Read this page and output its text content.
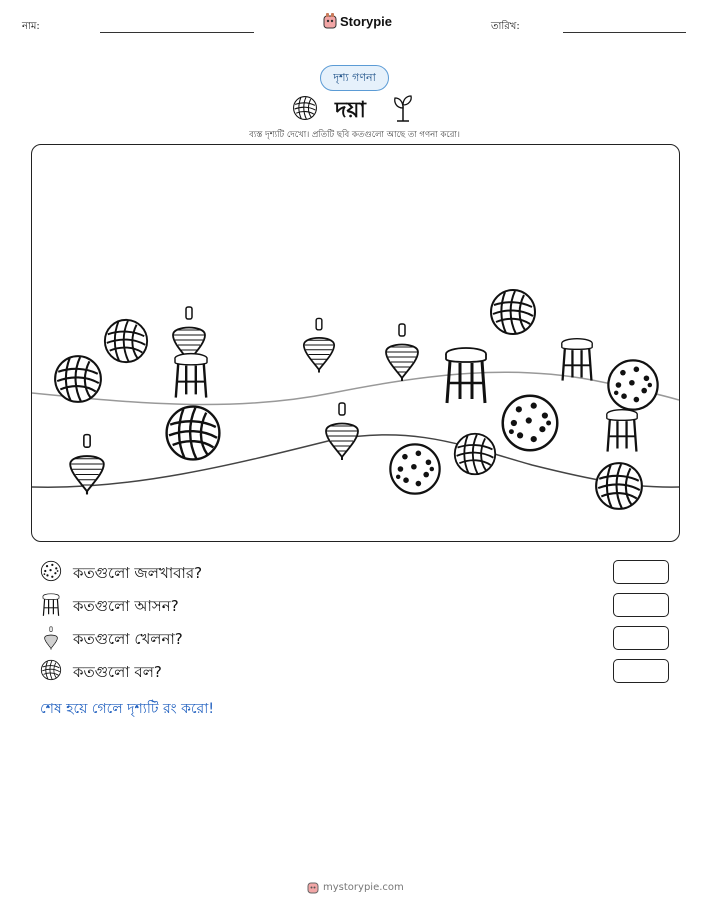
নাম:	Storypie	তারিখ:
দৃশ্য গণনা
দয়া
ব্যস্ত দৃশ্যটি দেখো। প্রতিটি ছবি কতগুলো আছে তা গণনা করো।
কতগুলো জলখাবার?
কতগুলো আসন?
কতগুলো খেলনা?
কতগুলো বল?
শেষ হয়ে গেলে দৃশ্যটি রং করো!
mystorypie.com
